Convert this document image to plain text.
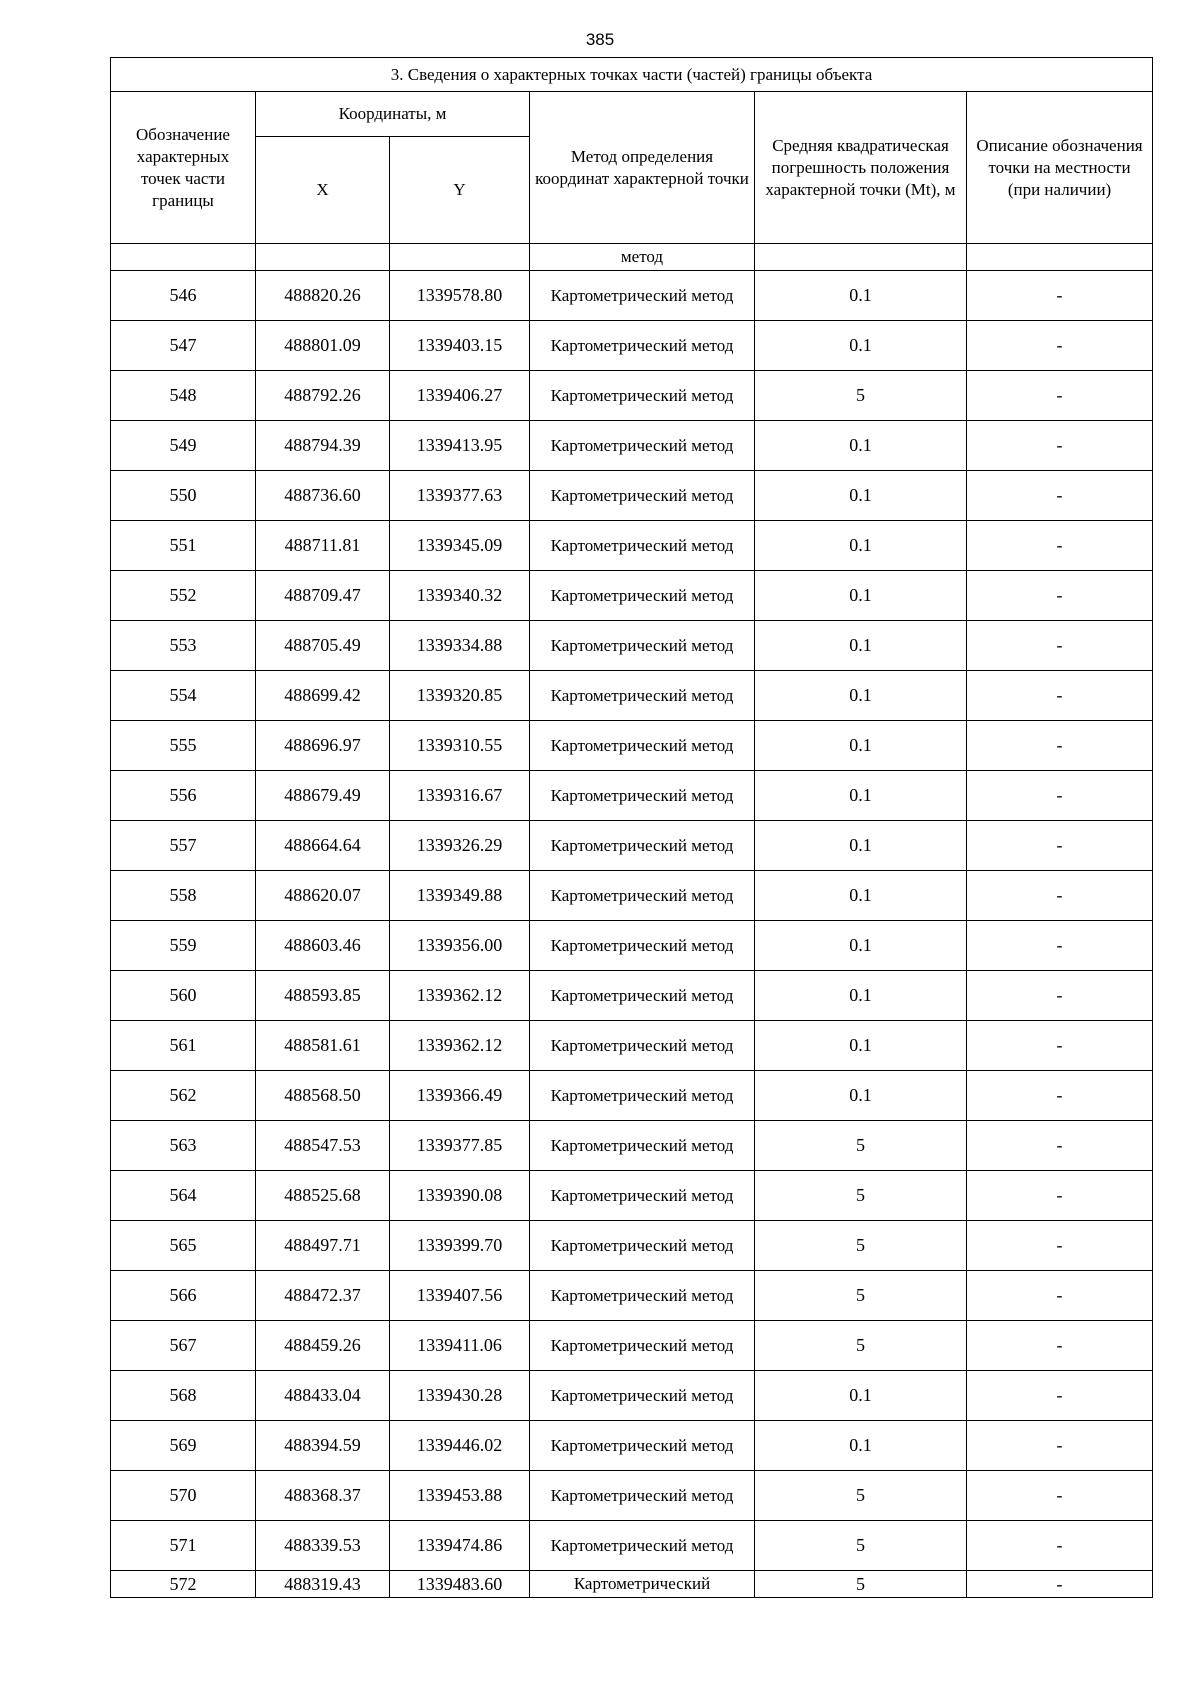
385
3. Сведения о характерных точках части (частей) границы объекта					
Обозначение характерных точек части границы	Координаты, м		Метод определения координат характерной точки	Средняя квадратическая погрешность положения характерной точки (Mt), м	Описание обозначения точки на местности (при наличии)
	X	Y			
			метод		
546	488820.26	1339578.80	Картометрический метод	0.1	-
547	488801.09	1339403.15	Картометрический метод	0.1	-
548	488792.26	1339406.27	Картометрический метод	5	-
549	488794.39	1339413.95	Картометрический метод	0.1	-
550	488736.60	1339377.63	Картометрический метод	0.1	-
551	488711.81	1339345.09	Картометрический метод	0.1	-
552	488709.47	1339340.32	Картометрический метод	0.1	-
553	488705.49	1339334.88	Картометрический метод	0.1	-
554	488699.42	1339320.85	Картометрический метод	0.1	-
555	488696.97	1339310.55	Картометрический метод	0.1	-
556	488679.49	1339316.67	Картометрический метод	0.1	-
557	488664.64	1339326.29	Картометрический метод	0.1	-
558	488620.07	1339349.88	Картометрический метод	0.1	-
559	488603.46	1339356.00	Картометрический метод	0.1	-
560	488593.85	1339362.12	Картометрический метод	0.1	-
561	488581.61	1339362.12	Картометрический метод	0.1	-
562	488568.50	1339366.49	Картометрический метод	0.1	-
563	488547.53	1339377.85	Картометрический метод	5	-
564	488525.68	1339390.08	Картометрический метод	5	-
565	488497.71	1339399.70	Картометрический метод	5	-
566	488472.37	1339407.56	Картометрический метод	5	-
567	488459.26	1339411.06	Картометрический метод	5	-
568	488433.04	1339430.28	Картометрический метод	0.1	-
569	488394.59	1339446.02	Картометрический метод	0.1	-
570	488368.37	1339453.88	Картометрический метод	5	-
571	488339.53	1339474.86	Картометрический метод	5	-
572	488319.43	1339483.60	Картометрический	5	-
